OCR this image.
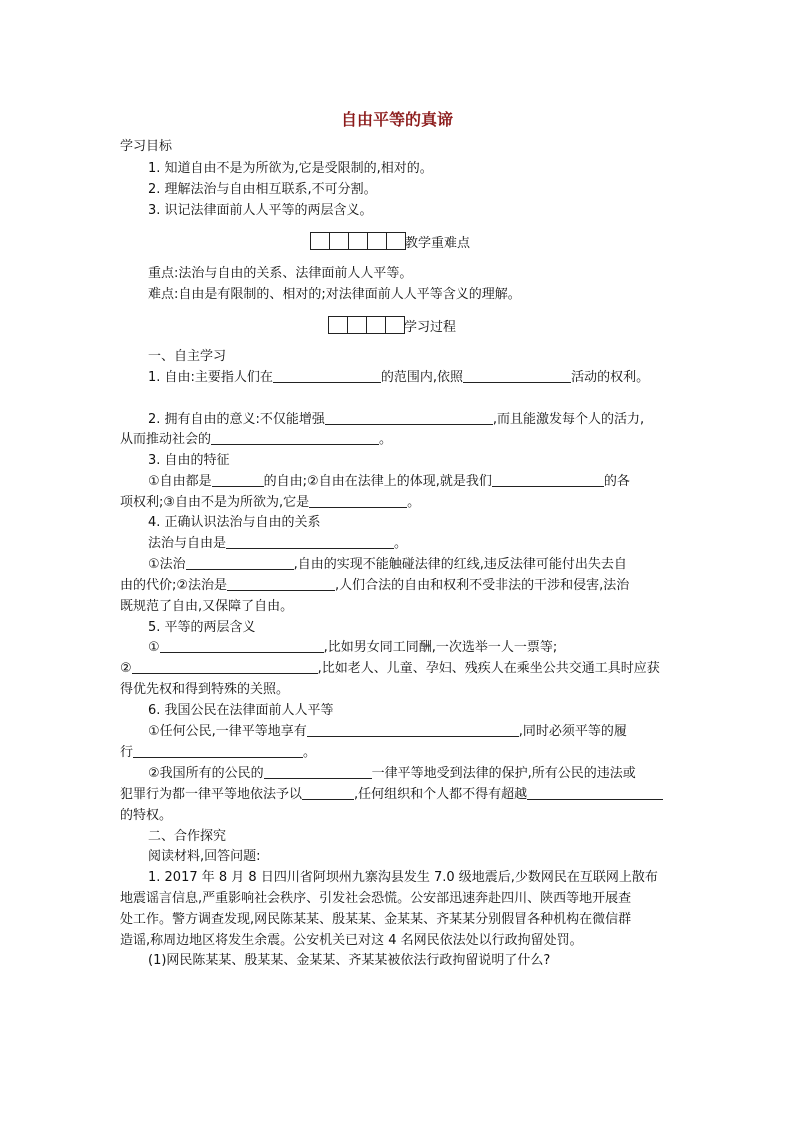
自由平等的真谛
学习目标
1. 知道自由不是为所欲为,它是受限制的,相对的。
2. 理解法治与自由相互联系,不可分割。
3. 识记法律面前人人平等的两层含义。
教学重难点
重点:法治与自由的关系、法律面前人人平等。
难点:自由是有限制的、相对的;对法律面前人人平等含义的理解。
学习过程
一、自主学习
1. 自由:主要指人们在	的范围内,依照	活动的权利。
2. 拥有自由的意义:不仅能增强	,而且能激发每个人的活力,
从而推动社会的	。
3. 自由的特征
①自由都是	的自由;②自由在法律上的体现,就是我们	的各
项权利;③自由不是为所欲为,它是	。
4. 正确认识法治与自由的关系
法治与自由是	。
①法治	,自由的实现不能触碰法律的红线,违反法律可能付出失去自
由的代价;②法治是	,人们合法的自由和权利不受非法的干涉和侵害,法治
既规范了自由,又保障了自由。
5. 平等的两层含义
①	,比如男女同工同酬,一次选举一人一票等;
②	,比如老人、儿童、孕妇、残疾人在乘坐公共交通工具时应获
得优先权和得到特殊的关照。
6. 我国公民在法律面前人人平等
①任何公民,一律平等地享有	,同时必须平等的履
行	。
②我国所有的公民的	一律平等地受到法律的保护,所有公民的违法或
犯罪行为都一律平等地依法予以	,任何组织和个人都不得有超越
的特权。
二、合作探究
阅读材料,回答问题:
1. 2017 年 8 月 8 日四川省阿坝州九寨沟县发生 7.0 级地震后,少数网民在互联网上散布
地震谣言信息,严重影响社会秩序、引发社会恐慌。公安部迅速奔赴四川、陕西等地开展查
处工作。警方调查发现,网民陈某某、殷某某、金某某、齐某某分别假冒各种机构在微信群
造谣,称周边地区将发生余震。公安机关已对这 4 名网民依法处以行政拘留处罚。
(1)网民陈某某、殷某某、金某某、齐某某被依法行政拘留说明了什么?
